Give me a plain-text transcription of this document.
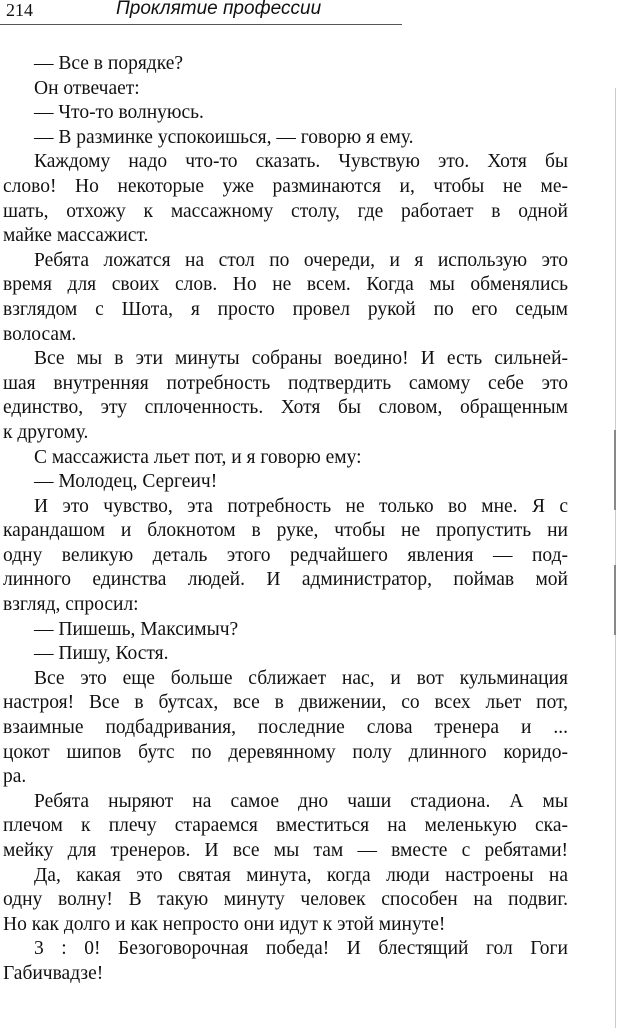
214	Проклятие профессии
— Все в порядке?
Он отвечает:
— Что-то волнуюсь.
— В разминке успокоишься, — говорю я ему.
Каждому надо что-то сказать. Чувствую это. Хотя бы
слово! Но некоторые уже разминаются и, чтобы не ме-
шать, отхожу к массажному столу, где работает в одной
майке массажист.
Ребята ложатся на стол по очереди, и я использую это
время для своих слов. Но не всем. Когда мы обменялись
взглядом с Шота, я просто провел рукой по его седым
волосам.
Все мы в эти минуты собраны воедино! И есть сильней-
шая внутренняя потребность подтвердить самому себе это
единство, эту сплоченность. Хотя бы словом, обращенным
к другому.
С массажиста льет пот, и я говорю ему:
— Молодец, Сергеич!
И это чувство, эта потребность не только во мне. Я с
карандашом и блокнотом в руке, чтобы не пропустить ни
одну великую деталь этого редчайшего явления — под-
линного единства людей. И администратор, поймав мой
взгляд, спросил:
— Пишешь, Максимыч?
— Пишу, Костя.
Все это еще больше сближает нас, и вот кульминация
настроя! Все в бутсах, все в движении, со всех льет пот,
взаимные подбадривания, последние слова тренера и ...
цокот шипов бутс по деревянному полу длинного коридо-
ра.
Ребята ныряют на самое дно чаши стадиона. А мы
плечом к плечу стараемся вместиться на меленькую ска-
мейку для тренеров. И все мы там — вместе с ребятами!
Да, какая это святая минута, когда люди настроены на
одну волну! В такую минуту человек способен на подвиг.
Но как долго и как непросто они идут к этой минуте!
3 : 0! Безоговорочная победа! И блестящий гол Гоги
Габичвадзе!
